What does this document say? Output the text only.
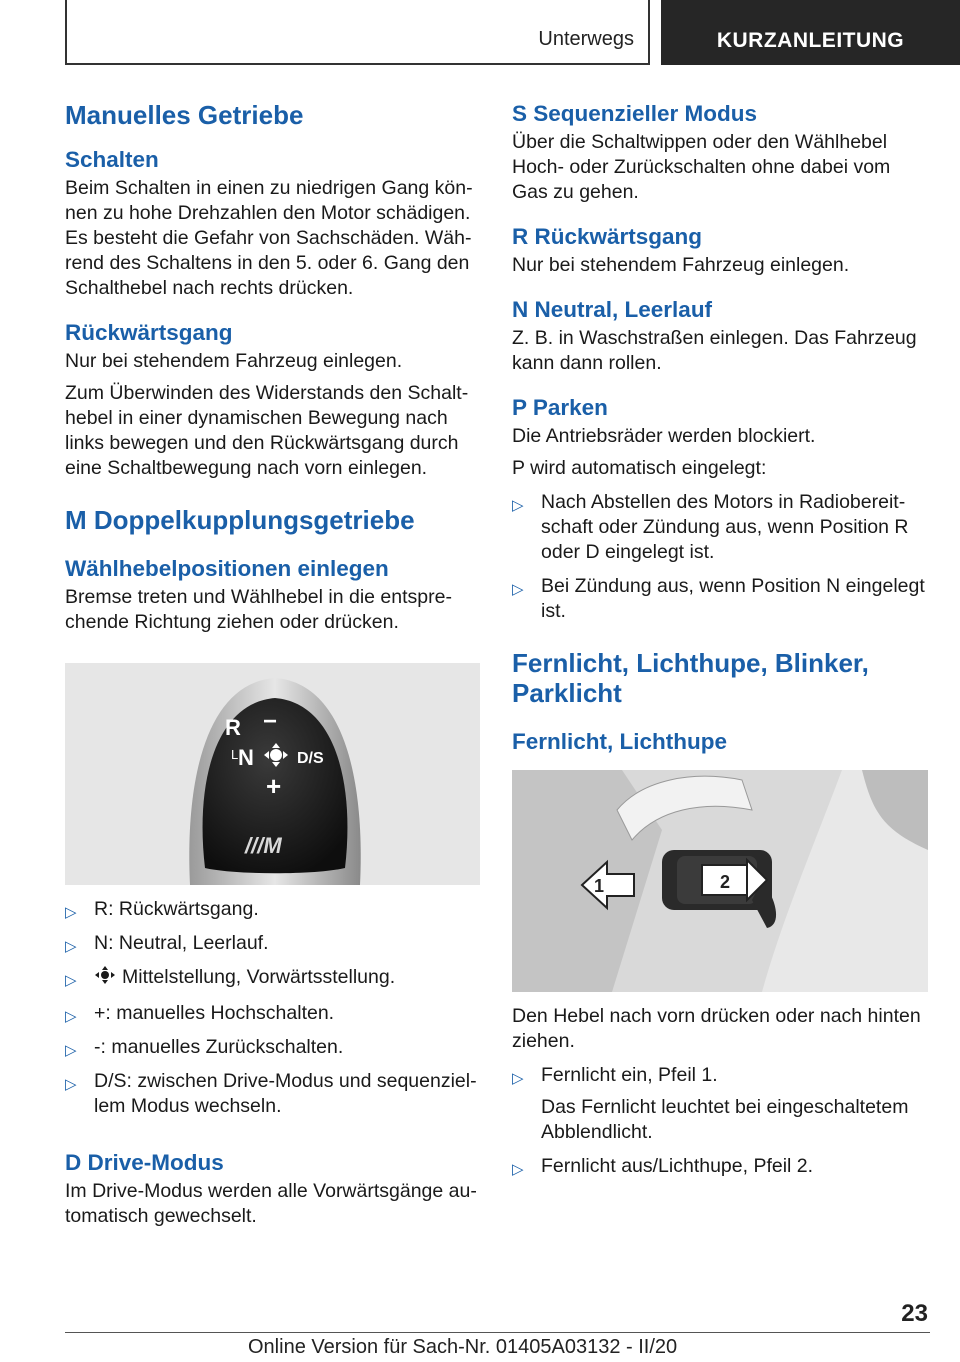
Unterwegs	KURZANLEITUNG
Manuelles Getriebe
Schalten

Beim Schalten in einen zu niedrigen Gang können zu hohe Drehzahlen den Motor schädigen. Es besteht die Gefahr von Sachschäden. Während des Schaltens in den 5. oder 6. Gang den Schalthebel nach rechts drücken.

Rückwärtsgang

Nur bei stehendem Fahrzeug einlegen.

Zum Überwinden des Widerstands den Schalthebel in einer dynamischen Bewegung nach links bewegen und den Rückwärtsgang durch eine Schaltbewegung nach vorn einlegen.

M Doppelkupplungsgetriebe
Wählhebelpositionen einlegen

Bremse treten und Wählhebel in die entsprechende Richtung ziehen oder drücken.

R −
L N	D/S
+
///M
▷ R: Rückwärtsgang.
▷ N: Neutral, Leerlauf.
▷ Mittelstellung, Vorwärtsstellung.
▷ +: manuelles Hochschalten.
▷ -: manuelles Zurückschalten.
▷ D/S: zwischen Drive-Modus und sequenziellem Modus wechseln.
D Drive-Modus

Im Drive-Modus werden alle Vorwärtsgänge automatisch gewechselt.

S Sequenzieller Modus

Über die Schaltwippen oder den Wählhebel Hoch- oder Zurückschalten ohne dabei vom Gas zu gehen.

R Rückwärtsgang

Nur bei stehendem Fahrzeug einlegen.

N Neutral, Leerlauf

Z. B. in Waschstraßen einlegen. Das Fahrzeug kann dann rollen.

P Parken

Die Antriebsräder werden blockiert.

P wird automatisch eingelegt:

▷ Nach Abstellen des Motors in Radiobereitschaft oder Zündung aus, wenn Position R oder D eingelegt ist.
▷ Bei Zündung aus, wenn Position N eingelegt ist.
Fernlicht, Lichthupe, Blinker, Parklicht
Fernlicht, Lichthupe
1	2

Den Hebel nach vorn drücken oder nach hinten ziehen.

▷ Fernlicht ein, Pfeil 1.
Das Fernlicht leuchtet bei eingeschaltetem Abblendlicht.
▷ Fernlicht aus/Lichthupe, Pfeil 2.
23
Online Version für Sach-Nr. 01405A03132 - II/20
